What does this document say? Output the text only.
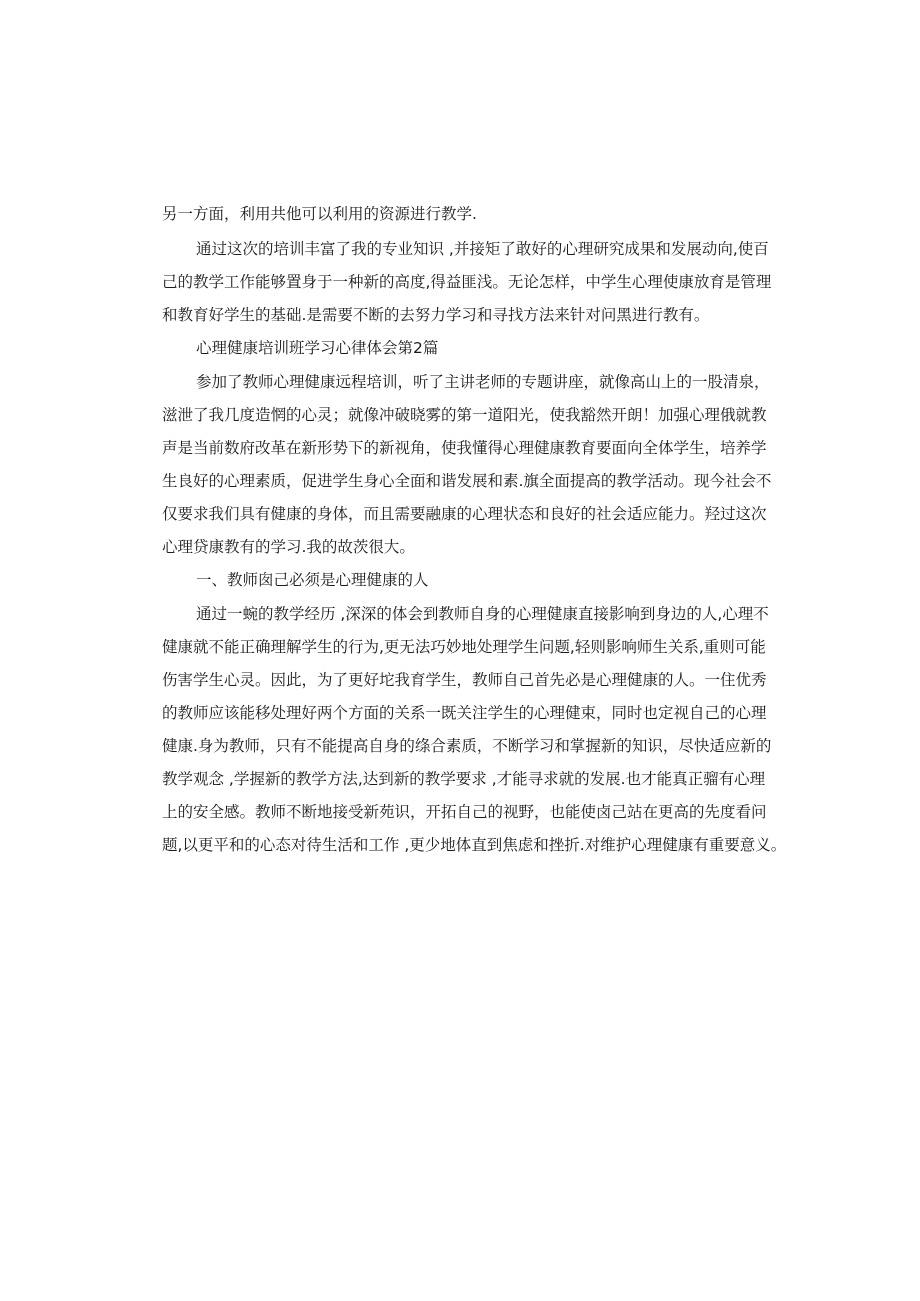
另一方面，利用共他可以利用的资源进行教学.
通过这次的培训丰富了我的专业知识 ,并接矩了敢好的心理研究成果和发展动向,使百
己的教学工作能够置身于一种新的高度,得益匪浅。无论怎样，中学生心理使康放育是管理
和教育好学生的基础.是需要不断的去努力学习和寻找方法来针对问黑进行教有。
心理健康培训班学习心律体会第2篇
参加了教师心理健康远程培训，听了主讲老师的专题讲座，就像高山上的一股清泉，
滋泄了我几度造惘的心灵；就像冲破晓雾的第一道阳光，使我豁然开朗！加强心理俄就教
声是当前数府改革在新形势下的新视角，使我懂得心理健康教育要面向全体学生，培养学
生良好的心理素质，促进学生身心全面和谐发展和素.旗全面提高的教学活动。现今社会不
仅要求我们具有健康的身体，而且需要融康的心理状态和良好的社会适应能力。羟过这次
心理贷康教有的学习.我的故茨很大。
一、教师囱己必须是心理健康的人
通过一蜿的教学经历 ,深深的体会到教师自身的心理健康直接影响到身边的人,心理不
健康就不能正确理解学生的行为,更无法巧妙地处理学生问题,轻则影响师生关系,重则可能
伤害学生心灵。因此，为了更好坨我育学生，教师自己首先必是心理健康的人。一住优秀
的教师应该能移处理好两个方面的关系一既关注学生的心理健束，同时也定视自己的心理
健康.身为教师，只有不能提高自身的绦合素质，不断学习和掌握新的知识，尽快适应新的
教学观念 ,学握新的教学方法,达到新的教学要求 ,才能寻求就的发展.也才能真正骝有心理
上的安全感。教师不断地接受新苑识，开拓自己的视野，也能使卤己站在更高的先度看问
题,以更平和的心态对待生活和工作 ,更少地体直到焦虑和挫折.对维护心理健康有重要意义。
